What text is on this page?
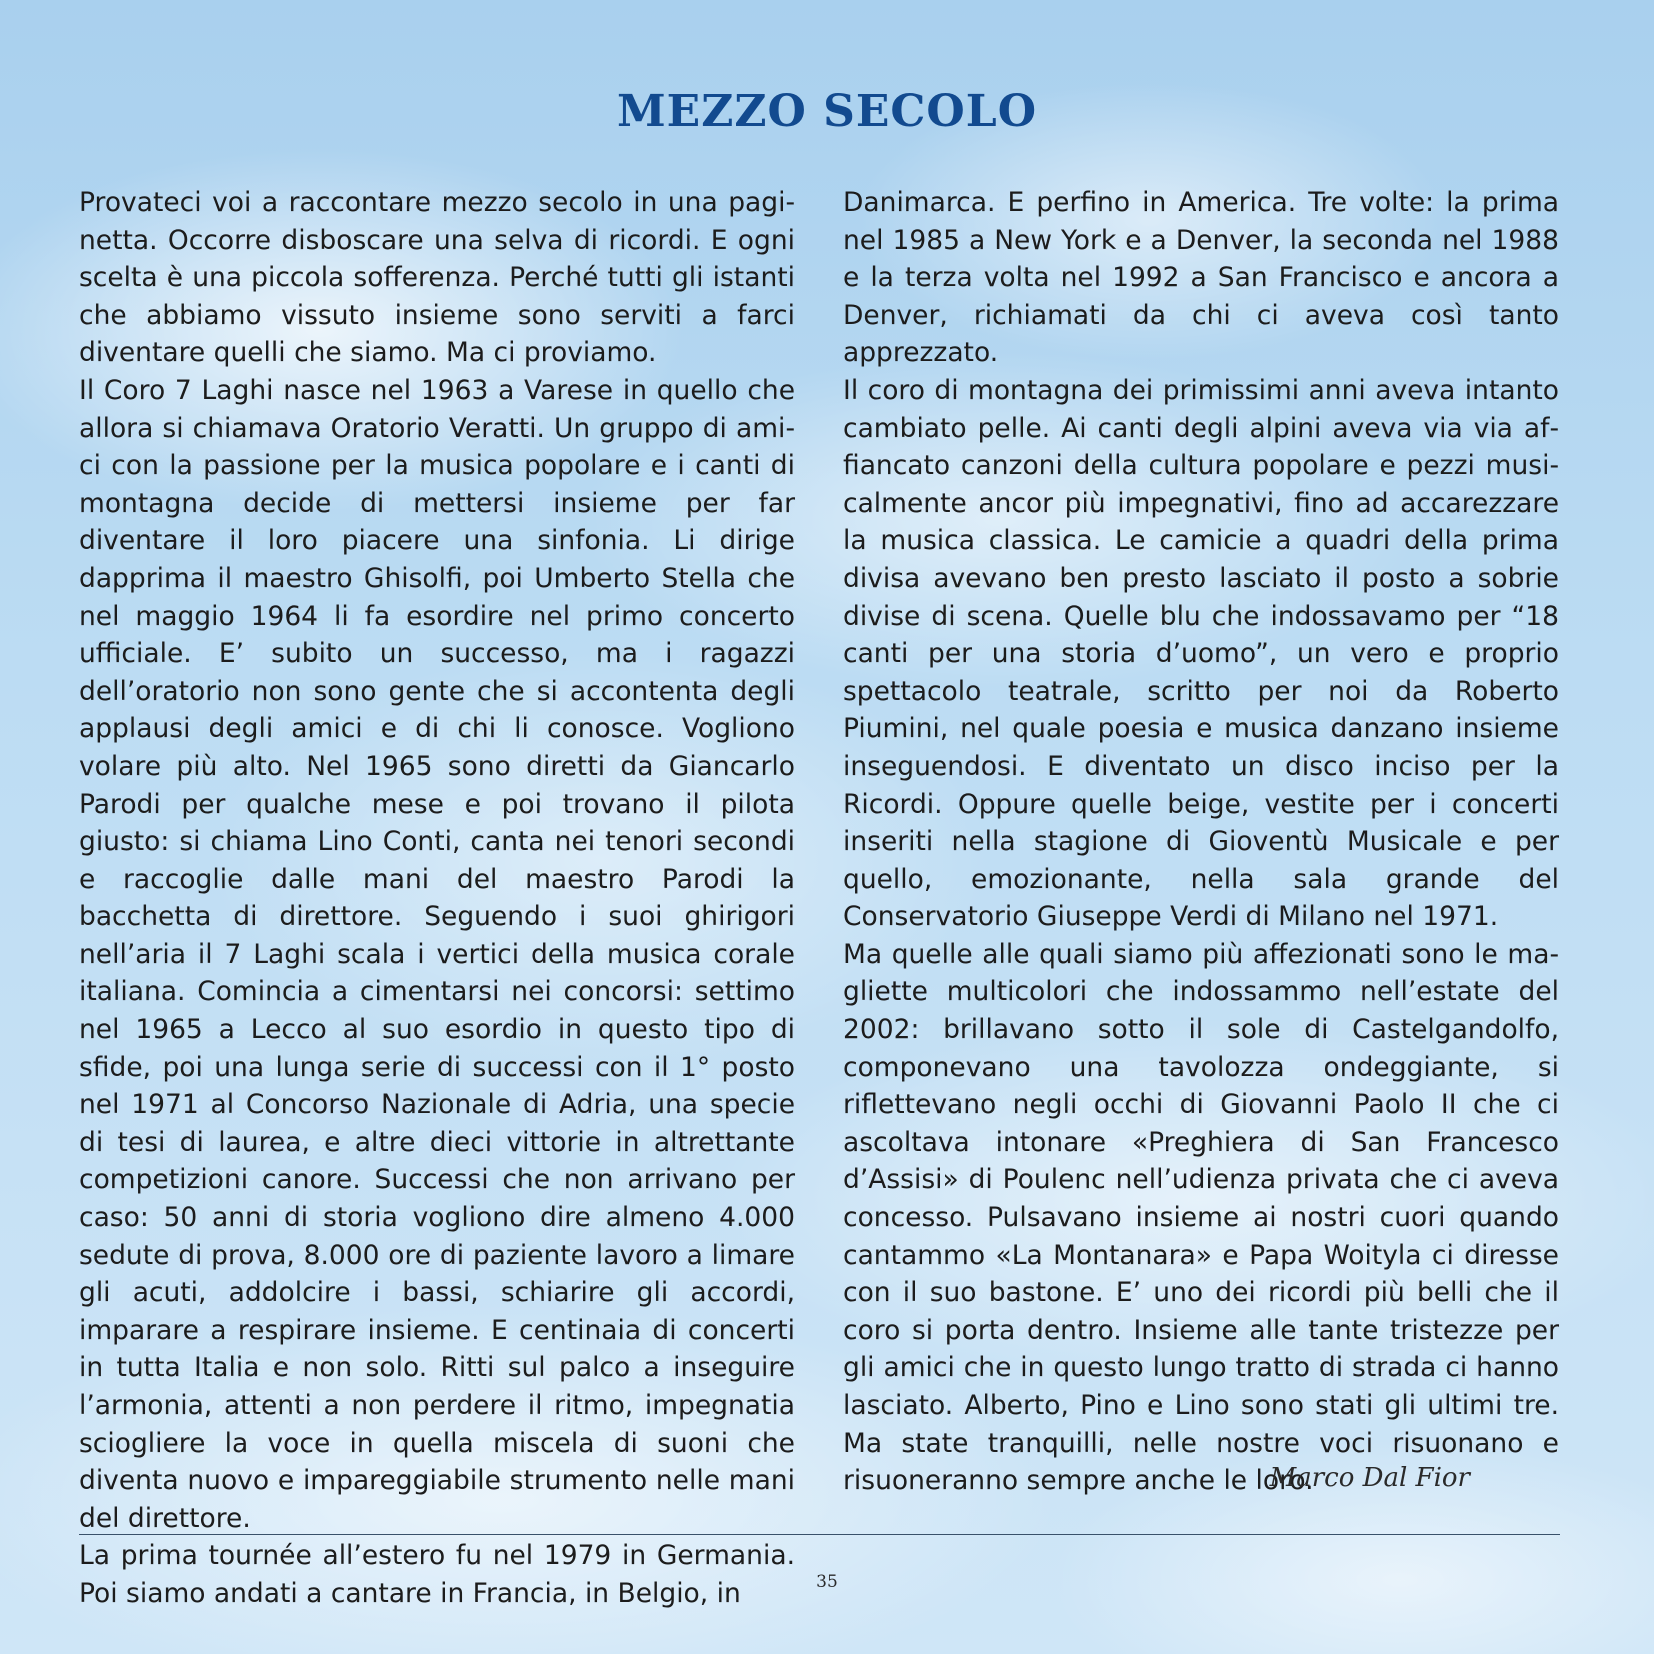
MEZZO SECOLO

Provateci voi a raccontare mezzo secolo in una paginetta. Occorre disboscare una selva di ricordi. E ogni scelta è una piccola sofferenza. Perché tutti gli istanti che abbiamo vissuto insieme sono serviti a farci diventare quelli che siamo. Ma ci proviamo.

Il Coro 7 Laghi nasce nel 1963 a Varese in quello che allora si chiamava Oratorio Veratti. Un gruppo di amici con la passione per la musica popolare e i canti di montagna decide di mettersi insieme per far diventare il loro piacere una sinfonia. Li dirige dapprima il maestro Ghisolfi, poi Umberto Stella che nel maggio 1964 li fa esordire nel primo concerto ufficiale. E’ subito un successo, ma i ragazzi dell’oratorio non sono gente che si accontenta degli applausi degli amici e di chi li conosce. Vogliono volare più alto. Nel 1965 sono diretti da Giancarlo Parodi per qualche mese e poi trovano il pilota giusto: si chiama Lino Conti, canta nei tenori secondi e raccoglie dalle mani del maestro Parodi la bacchetta di direttore. Seguendo i suoi ghirigori nell’aria il 7 Laghi scala i vertici della musica corale italiana. Comincia a cimentarsi nei concorsi: settimo nel 1965 a Lecco al suo esordio in questo tipo di sfide, poi una lunga serie di successi con il 1° posto nel 1971 al Concorso Nazionale di Adria, una specie di tesi di laurea, e altre dieci vittorie in altrettante competizioni canore. Successi che non arrivano per caso: 50 anni di storia vogliono dire almeno 4.000 sedute di prova, 8.000 ore di paziente lavoro a limare gli acuti, addolcire i bassi, schiarire gli accordi, imparare a respirare insieme. E centinaia di concerti in tutta Italia e non solo. Ritti sul palco a inseguire l’armonia, attenti a non perdere il ritmo, impegnatia sciogliere la voce in quella miscela di suoni che diventa nuovo e impareggiabile strumento nelle mani del direttore.

La prima tournée all’estero fu nel 1979 in Germania. Poi siamo andati a cantare in Francia, in Belgio, in

Danimarca. E perfino in America. Tre volte: la prima nel 1985 a New York e a Denver, la seconda nel 1988 e la terza volta nel 1992 a San Francisco e ancora a Denver, richiamati da chi ci aveva così tanto apprezzato.

Il coro di montagna dei primissimi anni aveva intanto cambiato pelle. Ai canti degli alpini aveva via via affiancato canzoni della cultura popolare e pezzi musicalmente ancor più impegnativi, fino ad accarezzare la musica classica. Le camicie a quadri della prima divisa avevano ben presto lasciato il posto a sobrie divise di scena. Quelle blu che indossavamo per “18 canti per una storia d’uomo”, un vero e proprio spettacolo teatrale, scritto per noi da Roberto Piumini, nel quale poesia e musica danzano insieme inseguendosi. E diventato un disco inciso per la Ricordi. Oppure quelle beige, vestite per i concerti inseriti nella stagione di Gioventù Musicale e per quello, emozionante, nella sala grande del Conservatorio Giuseppe Verdi di Milano nel 1971.

Ma quelle alle quali siamo più affezionati sono le magliette multicolori che indossammo nell’estate del 2002: brillavano sotto il sole di Castelgandolfo, componevano una tavolozza ondeggiante, si riflettevano negli occhi di Giovanni Paolo II che ci ascoltava intonare «Preghiera di San Francesco d’Assisi» di Poulenc nell’udienza privata che ci aveva concesso. Pulsavano insieme ai nostri cuori quando cantammo «La Montanara» e Papa Woityla ci diresse con il suo bastone. E’ uno dei ricordi più belli che il coro si porta dentro. Insieme alle tante tristezze per gli amici che in questo lungo tratto di strada ci hanno lasciato. Alberto, Pino e Lino sono stati gli ultimi tre. Ma state tranquilli, nelle nostre voci risuonano e risuoneranno sempre anche le loro.

Marco Dal Fior
35
